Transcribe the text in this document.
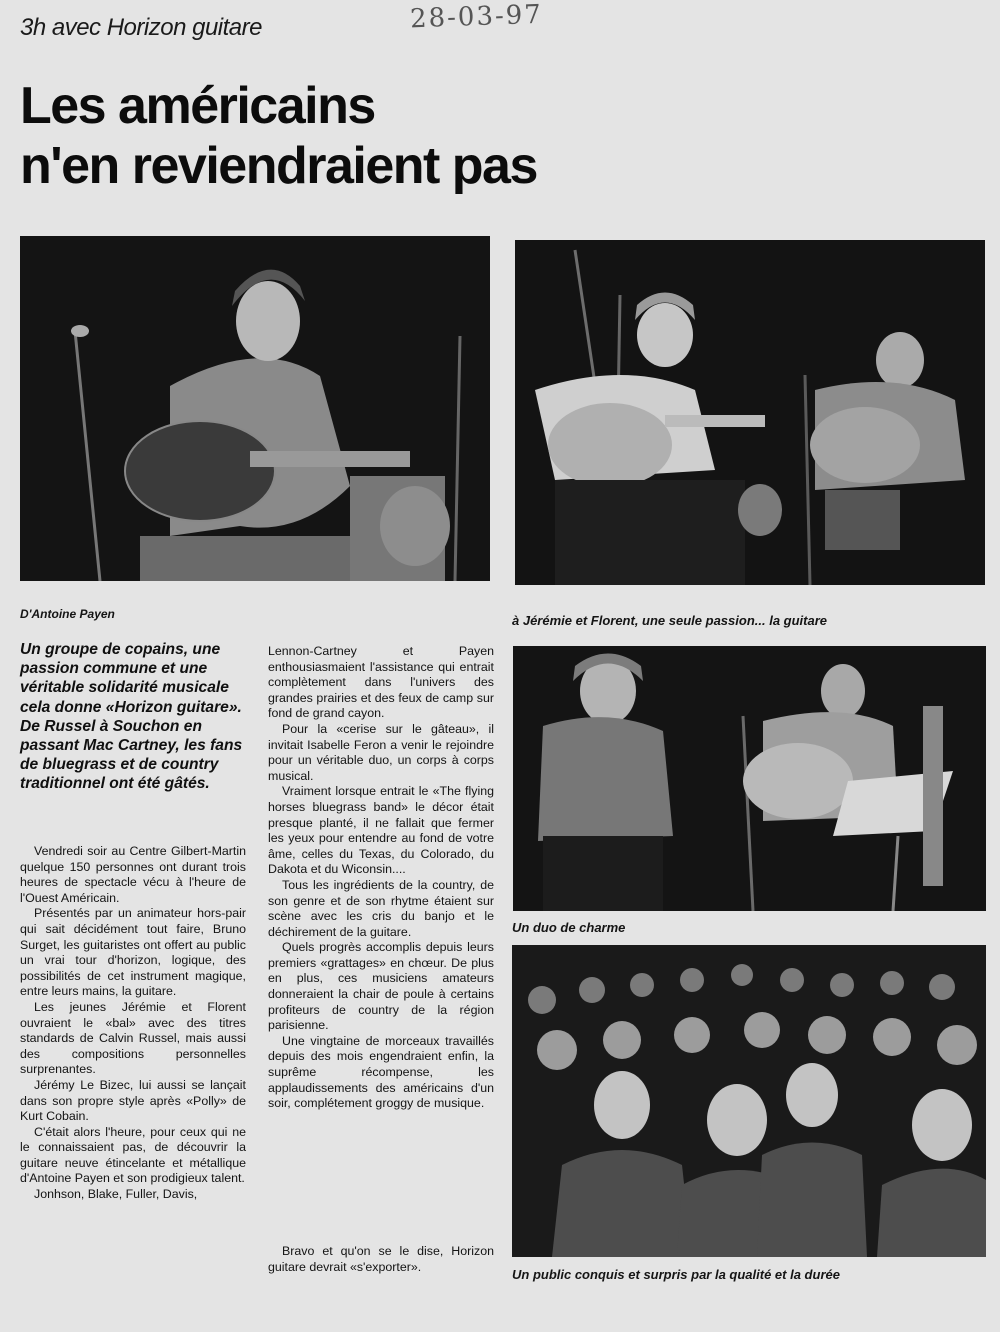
3h avec Horizon guitare	28-03-97
Les américains
n'en reviendraient pas
D'Antoine Payen	à Jérémie et Florent, une seule passion... la guitare
Un duo de charme
Un public conquis et surpris par la qualité et la durée
Un groupe de copains, une passion commune et une véritable solidarité musicale cela donne «Horizon guitare». De Russel à Souchon en passant Mac Cartney, les fans de bluegrass et de country traditionnel ont été gâtés.

Vendredi soir au Centre Gilbert-Martin quelque 150 personnes ont durant trois heures de spectacle vécu à l'heure de l'Ouest Américain.

Présentés par un animateur hors-pair qui sait décidément tout faire, Bruno Surget, les guitaristes ont offert au public un vrai tour d'horizon, logique, des possibilités de cet instrument magique, entre leurs mains, la guitare.

Les jeunes Jérémie et Florent ouvraient le «bal» avec des titres standards de Calvin Russel, mais aussi des compositions personnelles surprenantes.

Jérémy Le Bizec, lui aussi se lançait dans son propre style après «Polly» de Kurt Cobain.

C'était alors l'heure, pour ceux qui ne le connaissaient pas, de découvrir la guitare neuve étincelante et métallique d'Antoine Payen et son prodigieux talent.

Jonhson, Blake, Fuller, Davis,

Lennon-Cartney et Payen enthousiasmaient l'assistance qui entrait complètement dans l'univers des grandes prairies et des feux de camp sur fond de grand cayon.

Pour la «cerise sur le gâteau», il invitait Isabelle Feron a venir le rejoindre pour un véritable duo, un corps à corps musical.

Vraiment lorsque entrait le «The flying horses bluegrass band» le décor était presque planté, il ne fallait que fermer les yeux pour entendre au fond de votre âme, celles du Texas, du Colorado, du Dakota et du Wiconsin....

Tous les ingrédients de la country, de son genre et de son rhytme étaient sur scène avec les cris du banjo et le déchirement de la guitare.

Quels progrès accomplis depuis leurs premiers «grattages» en chœur. De plus en plus, ces musiciens amateurs donneraient la chair de poule à certains profiteurs de country de la région parisienne.

Une vingtaine de morceaux travaillés depuis des mois engendraient enfin, la suprême récompense, les applaudissements des américains d'un soir, complétement groggy de musique.

Bravo et qu'on se le dise, Horizon guitare devrait «s'exporter».
